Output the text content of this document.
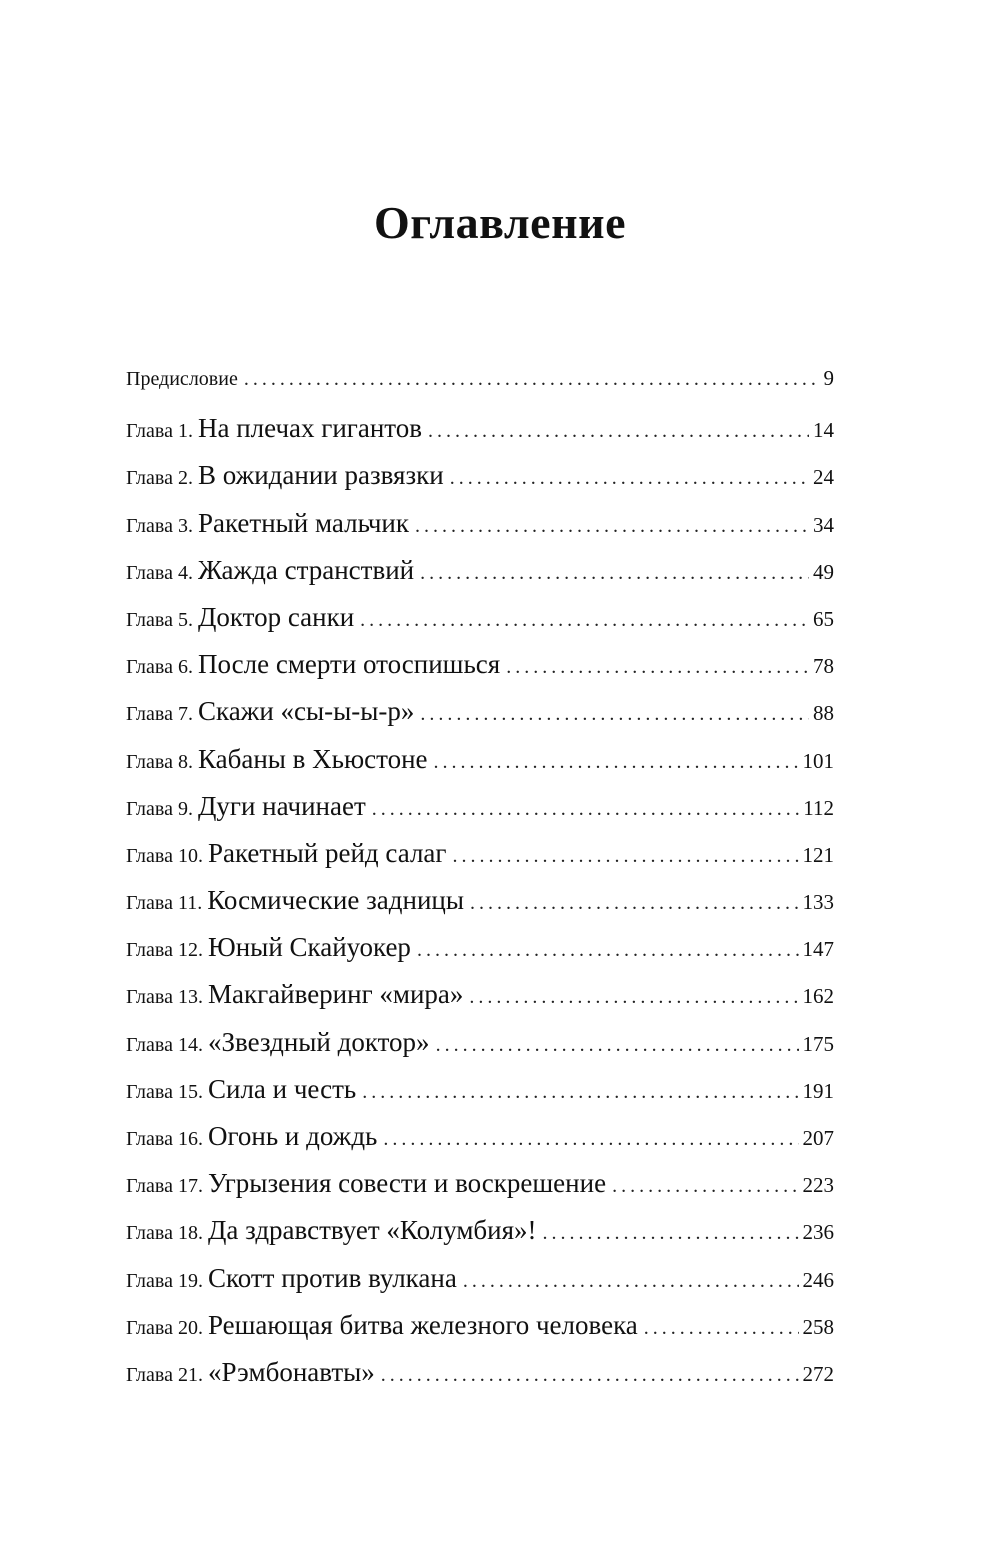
Оглавление
Предисловие .....	9
Глава 1. На плечах гигантов .....	14
Глава 2. В ожидании развязки .....	24
Глава 3. Ракетный мальчик .....	34
Глава 4. Жажда странствий .....	49
Глава 5. Доктор санки .....	65
Глава 6. После смерти отоспишься .....	78
Глава 7. Скажи «сы-ы-ы-р» .....	88
Глава 8. Кабаны в Хьюстоне .....	101
Глава 9. Дуги начинает .....	112
Глава 10. Ракетный рейд салаг .....	121
Глава 11. Космические задницы .....	133
Глава 12. Юный Скайуокер .....	147
Глава 13. Макгайверинг «мира» .....	162
Глава 14. «Звездный доктор» .....	175
Глава 15. Сила и честь .....	191
Глава 16. Огонь и дождь .....	207
Глава 17. Угрызения совести и воскрешение .....	223
Глава 18. Да здравствует «Колумбия»! .....	236
Глава 19. Скотт против вулкана .....	246
Глава 20. Решающая битва железного человека .....	258
Глава 21. «Рэмбонавты» .....	272
